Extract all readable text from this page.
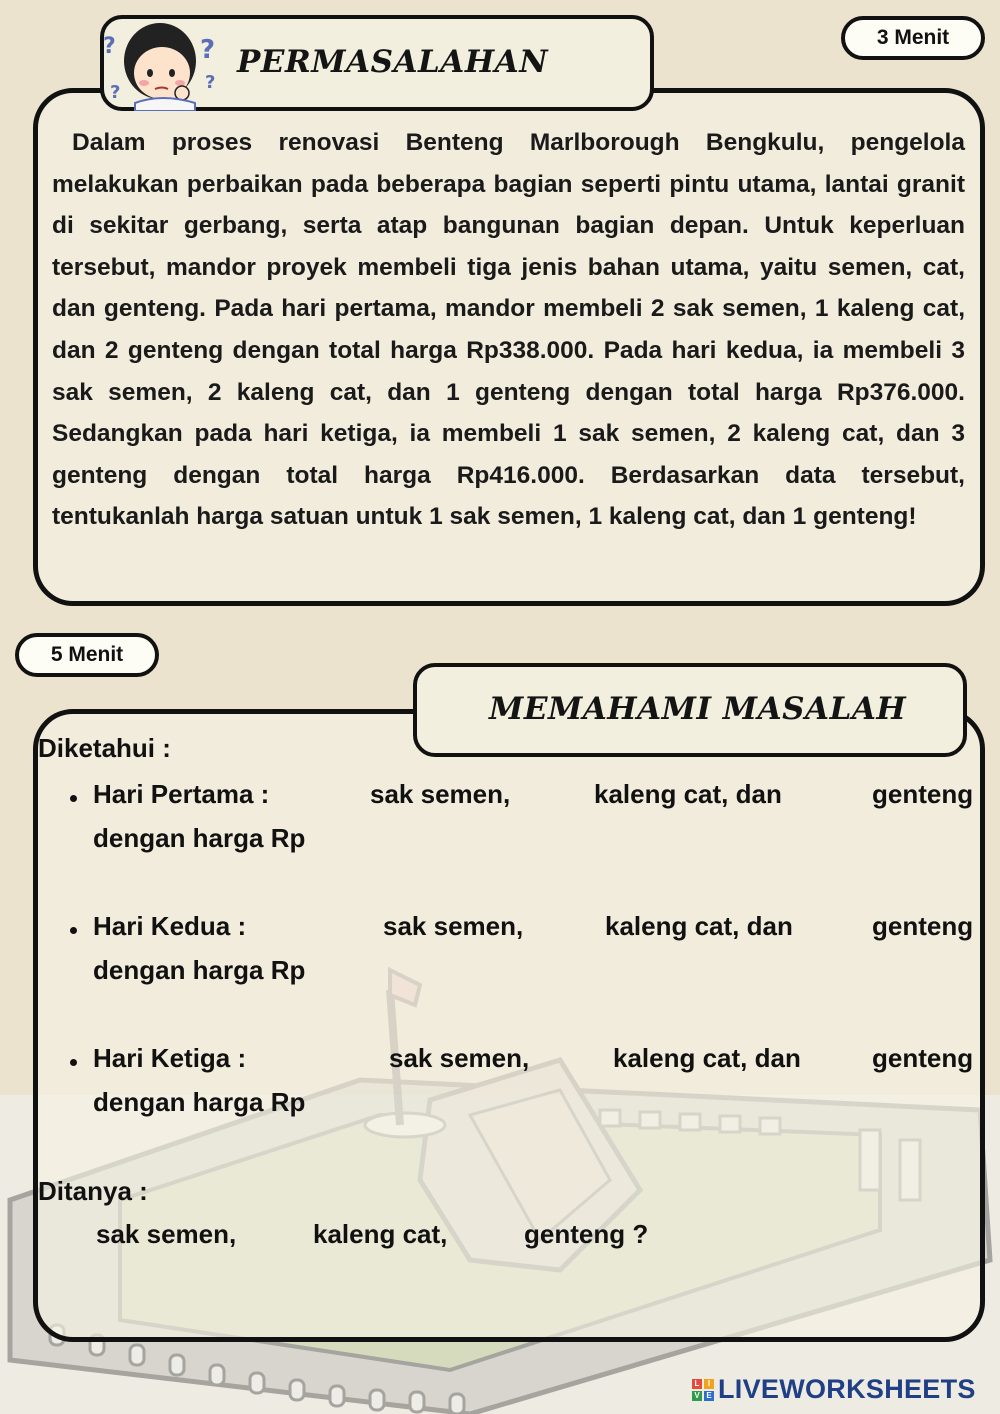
?	?
?
?
PERMASALAHAN
3 Menit
Dalam proses renovasi Benteng Marlborough Bengkulu, pengelola melakukan perbaikan pada beberapa bagian seperti pintu utama, lantai granit di sekitar gerbang, serta atap bangunan bagian depan. Untuk keperluan tersebut, mandor proyek membeli tiga jenis bahan utama, yaitu semen, cat, dan genteng. Pada hari pertama, mandor membeli 2 sak semen, 1 kaleng cat, dan 2 genteng dengan total harga Rp338.000. Pada hari kedua, ia membeli 3 sak semen, 2 kaleng cat, dan 1 genteng dengan total harga Rp376.000. Sedangkan pada hari ketiga, ia membeli 1 sak semen, 2 kaleng cat, dan 3 genteng dengan total harga Rp416.000. Berdasarkan data tersebut, tentukanlah harga satuan untuk 1 sak semen, 1 kaleng cat, dan 1 genteng!
5 Menit
MEMAHAMI MASALAH
Diketahui :
Hari Pertama :	sak semen,	kaleng cat, dan	genteng
dengan harga Rp
Hari Kedua :	sak semen,	kaleng cat, dan	genteng
dengan harga Rp
Hari Ketiga :	sak semen,	kaleng cat, dan	genteng
dengan harga Rp
Ditanya :
sak semen,	kaleng cat,	genteng ?
L	I
V E LIVEWORKSHEETS
